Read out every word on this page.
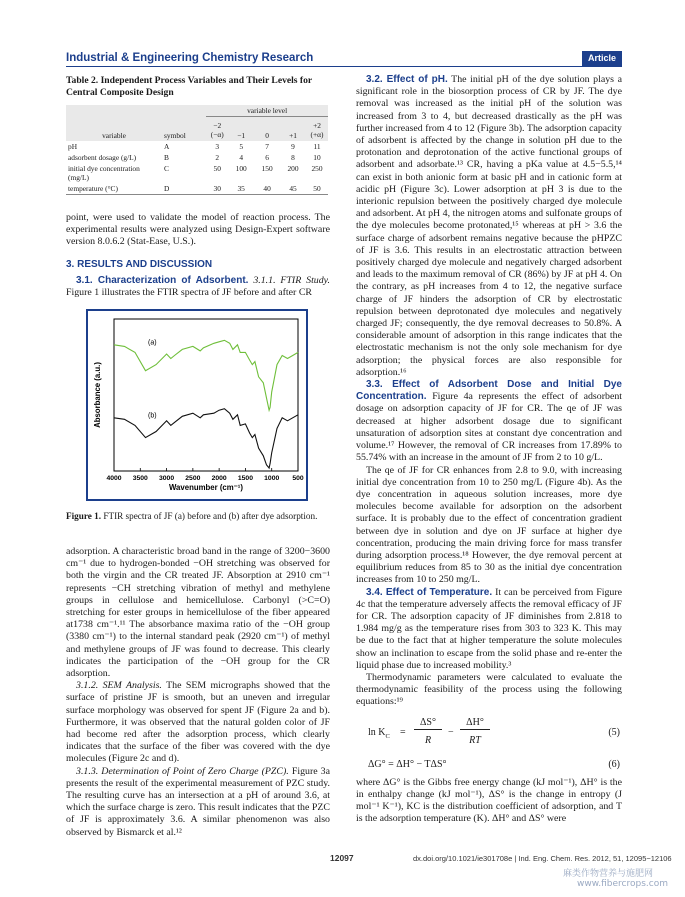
Industrial & Engineering Chemistry Research	Article
Table 2. Independent Process Variables and Their Levels for Central Composite Design
		variable level				
variable	symbol	−2 (−α)	−1	0	+1	+2 (+α)
pH	A	3	5	7	9	11
adsorbent dosage (g/L)	B	2	4	6	8	10
initial dye concentration (mg/L)	C	50	100	150	200	250
temperature (°C)	D	30	35	40	45	50

point, were used to validate the model of reaction process. The experimental results were analyzed using Design-Expert software version 8.0.6.2 (Stat-Ease, U.S.).

3. RESULTS AND DISCUSSION

3.1. Characterization of Adsorbent. 3.1.1. FTIR Study. Figure 1 illustrates the FTIR spectra of JF before and after CR

(a)
(b)
4000 3500 3000 2500 2000 1500 1000 500
Wavenumber (cm⁻¹)
Absorbance (a.u.)
Figure 1. FTIR spectra of JF (a) before and (b) after dye adsorption.

adsorption. A characteristic broad band in the range of 3200−3600 cm⁻¹ due to hydrogen-bonded −OH stretching was observed for both the virgin and the CR treated JF. Absorption at 2910 cm⁻¹ represents −CH stretching vibration of methyl and methylene groups in cellulose and hemicellulose. Carbonyl (>C=O) stretching for ester groups in hemicellulose of the fiber appeared at1738 cm⁻¹.¹¹ The absorbance maxima ratio of the −OH group (3380 cm⁻¹) to the internal standard peak (2920 cm⁻¹) of methyl and methylene groups of JF was found to decrease. This clearly indicates the participation of the −OH group for the CR adsorption.

3.1.2. SEM Analysis. The SEM micrographs showed that the surface of pristine JF is smooth, but an uneven and irregular surface morphology was observed for spent JF (Figure 2a and b). Furthermore, it was observed that the natural golden color of JF had become red after the adsorption process, which clearly indicates that the surface of the fiber was covered with the dye molecules (Figure 2c and d).

3.1.3. Determination of Point of Zero Charge (PZC). Figure 3a presents the result of the experimental measurement of PZC study. The resulting curve has an intersection at a pH of around 3.6, at which the surface charge is zero. This result indicates that the PZC of JF is approximately 3.6. A similar phenomenon was also observed by Bismarck et al.¹²

3.2. Effect of pH. The initial pH of the dye solution plays a significant role in the biosorption process of CR by JF. The dye removal was increased as the initial pH of the solution was increased from 3 to 4, but decreased drastically as the pH was further increased from 4 to 12 (Figure 3b). The adsorption capacity of adsorbent is affected by the change in solution pH due to the protonation and deprotonation of the active functional groups of adsorbent and adsorbate.¹³ CR, having a pKa value at 4.5−5.5,¹⁴ can exist in both anionic form at basic pH and in cationic form at acidic pH (Figure 3c). Lower adsorption at pH 3 is due to the interionic repulsion between the positively charged dye molecule and adsorbent. At pH 4, the nitrogen atoms and sulfonate groups of the dye molecules become protonated,¹⁵ whereas at pH > 3.6 the surface charge of adsorbent remains negative because the pHPZC of JF is 3.6. This results in an electrostatic attraction between positively charged dye molecule and negatively charged adsorbent and leads to the maximum removal of CR (86%) by JF at pH 4. On the contrary, as pH increases from 4 to 12, the negative surface charge of JF hinders the adsorption of CR by electrostatic repulsion between deprotonated dye molecules and negatively charged JF; consequently, the dye removal decreases to 50.8%. A considerable amount of adsorption in this range indicates that the electrostatic mechanism is not the only sole mechanism for dye adsorption; the physical forces are also responsible for adsorption.¹⁶

3.3. Effect of Adsorbent Dose and Initial Dye Concentration. Figure 4a represents the effect of adsorbent dosage on adsorption capacity of JF for CR. The qe of JF was decreased at higher adsorbent dosage due to significant unsaturation of adsorption sites at constant dye concentration and volume.¹⁷ However, the removal of CR increases from 17.89% to 55.74% with an increase in the amount of JF from 2 to 10 g/L.

The qe of JF for CR enhances from 2.8 to 9.0, with increasing initial dye concentration from 10 to 250 mg/L (Figure 4b). As the dye concentration in aqueous solution increases, more dye molecules become available for adsorption on the adsorbent surface. It is probably due to the effect of concentration gradient between dye in solution and dye on JF surface at higher dye concentration, producing the main driving force for mass transfer during adsorption process.¹⁸ However, the dye removal percent at equilibrium reduces from 85 to 30 as the initial dye concentration increases from 10 to 250 mg/L.

3.4. Effect of Temperature. It can be perceived from Figure 4c that the temperature adversely affects the removal efficacy of JF for CR. The adsorption capacity of JF diminishes from 2.818 to 1.984 mg/g as the temperature rises from 303 to 323 K. This may be due to the fact that at higher temperature the solute molecules show an inclination to escape from the solid phase and re-enter the liquid phase due to increased mobility.³

Thermodynamic parameters were calculated to evaluate the thermodynamic feasibility of the process using the following equations:¹⁹

$\ln K_C$ =
ΔS°
R
−
ΔH°
RT
(5)
ΔG° = ΔH° − TΔS°	(6)

where ΔG° is the Gibbs free energy change (kJ mol⁻¹), ΔH° is the in enthalpy change (kJ mol⁻¹), ΔS° is the change in entropy (J mol⁻¹ K⁻¹), KC is the distribution coefficient of adsorption, and T is the adsorption temperature (K). ΔH° and ΔS° were

12097	dx.doi.org/10.1021/ie301708e | Ind. Eng. Chem. Res. 2012, 51, 12095−12106
麻类作物营养与施肥网
www.fibercrops.com
